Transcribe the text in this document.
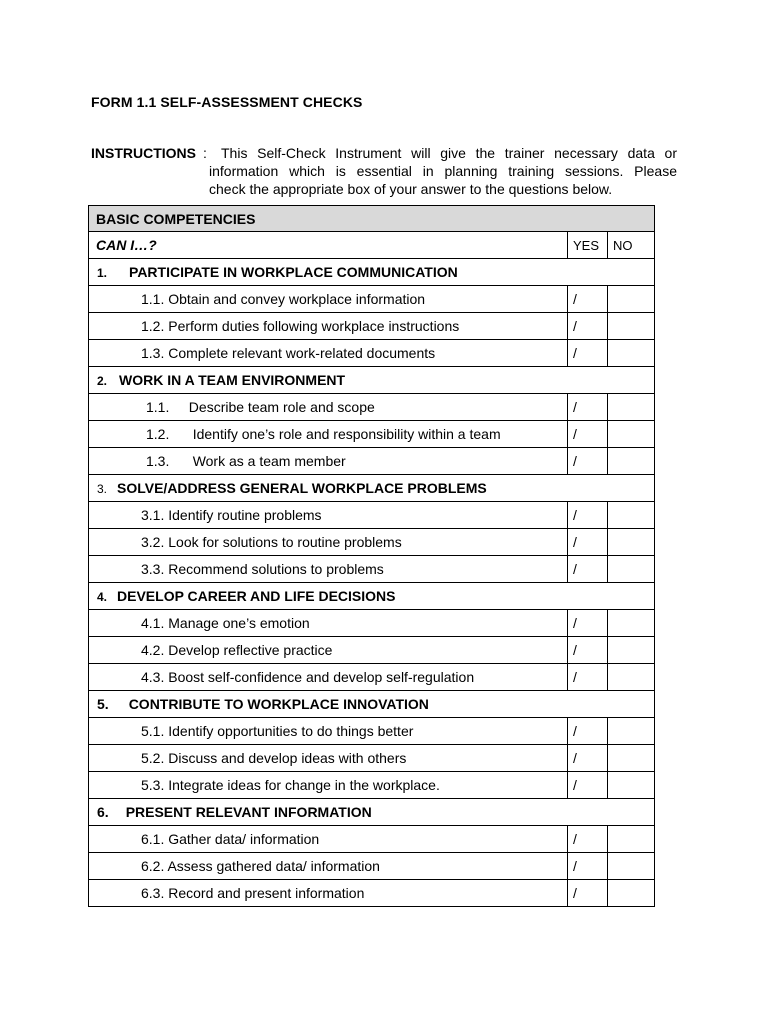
FORM 1.1 SELF-ASSESSMENT CHECKS
INSTRUCTIONS :	This Self-Check Instrument will give the trainer necessary data or
information which is essential in planning training sessions. Please
check the appropriate box of your answer to the questions below.
BASIC COMPETENCIES		
CAN I…?	YES	NO
1. PARTICIPATE IN WORKPLACE COMMUNICATION		
1.1. Obtain and convey workplace information	/	
1.2. Perform duties following workplace instructions	/	
1.3. Complete relevant work-related documents	/	
2. WORK IN A TEAM ENVIRONMENT		
1.1.     Describe team role and scope	/	
1.2.      Identify one’s role and responsibility within a team	/	
1.3.      Work as a team member	/	
3. SOLVE/ADDRESS GENERAL WORKPLACE PROBLEMS		
3.1. Identify routine problems	/	
3.2. Look for solutions to routine problems	/	
3.3. Recommend solutions to problems	/	
4. DEVELOP CAREER AND LIFE DECISIONS		
4.1. Manage one’s emotion	/	
4.2. Develop reflective practice	/	
4.3. Boost self-confidence and develop self-regulation	/	
5. CONTRIBUTE TO WORKPLACE INNOVATION		
5.1. Identify opportunities to do things better	/	
5.2. Discuss and develop ideas with others	/	
5.3. Integrate ideas for change in the workplace.	/	
6. PRESENT RELEVANT INFORMATION		
6.1. Gather data/ information	/	
6.2. Assess gathered data/ information	/	
6.3. Record and present information	/	
